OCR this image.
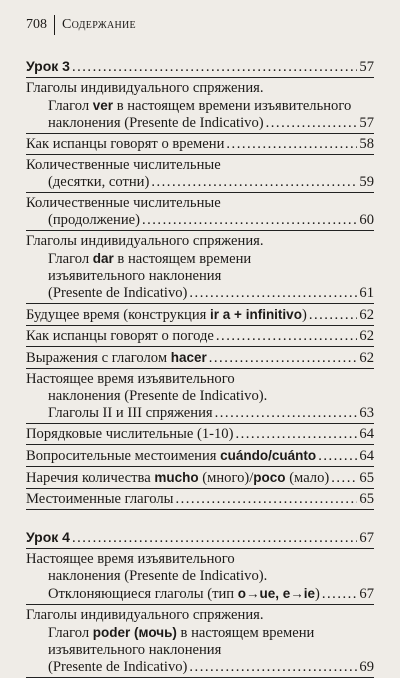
708	Содержание
Урок 3 .....	57
Глаголы индивидуального спряжения.
Глагол ver в настоящем времени изъявительного
наклонения (Presente de Indicativo) .....	57
Как испанцы говорят о времени .....	58
Количественные числительные
(десятки, сотни) .....	59
Количественные числительные
(продолжение) .....	60
Глаголы индивидуального спряжения.
Глагол dar в настоящем времени
изъявительного наклонения
(Presente de Indicativo) .....	61
Будущее время (конструкция ir a + infinitivo) .....	62
Как испанцы говорят о погоде .....	62
Выражения с глаголом hacer .....	62
Настоящее время изъявительного
наклонения (Presente de Indicativo).
Глаголы II и III спряжения .....	63
Порядковые числительные (1-10) .....	64
Вопросительные местоимения cuándo/cuánto .....	64
Наречия количества mucho (много)/poco (мало) ..... 65
Местоименные глаголы .....	65
Урок 4 .....	67
Настоящее время изъявительного
наклонения (Presente de Indicativo).
Отклоняющиеся глаголы (тип o→ue, e→ie) .....	67
Глаголы индивидуального спряжения.
Глагол poder (мочь) в настоящем времени
изъявительного наклонения
(Presente de Indicativo) .....	69
